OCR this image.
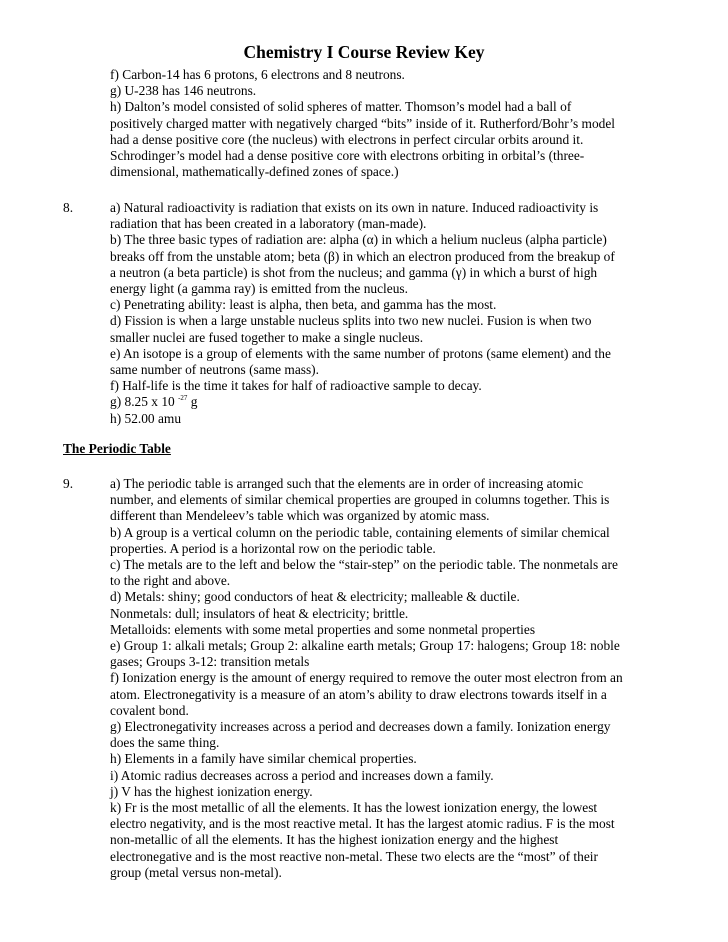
Chemistry I Course Review Key
f) Carbon-14 has 6 protons, 6 electrons and 8 neutrons.
g) U-238 has 146 neutrons.
h) Dalton’s model consisted of solid spheres of matter. Thomson’s model had a ball of
positively charged matter with negatively charged “bits” inside of it. Rutherford/Bohr’s model
had a dense positive core (the nucleus) with electrons in perfect circular orbits around it.
Schrodinger’s model had a dense positive core with electrons orbiting in orbital’s (three-
dimensional, mathematically-defined zones of space.)
8.	a) Natural radioactivity is radiation that exists on its own in nature. Induced radioactivity is
radiation that has been created in a laboratory (man-made).
b) The three basic types of radiation are: alpha (α) in which a helium nucleus (alpha particle)
breaks off from the unstable atom; beta (β) in which an electron produced from the breakup of
a neutron (a beta particle) is shot from the nucleus; and gamma (γ) in which a burst of high
energy light (a gamma ray) is emitted from the nucleus.
c) Penetrating ability: least is alpha, then beta, and gamma has the most.
d) Fission is when a large unstable nucleus splits into two new nuclei. Fusion is when two
smaller nuclei are fused together to make a single nucleus.
e) An isotope is a group of elements with the same number of protons (same element) and the
same number of neutrons (same mass).
f) Half-life is the time it takes for half of radioactive sample to decay.
g) 8.25 x 10 $^{-27}$ g
h) 52.00 amu
The Periodic Table
9.	a) The periodic table is arranged such that the elements are in order of increasing atomic
number, and elements of similar chemical properties are grouped in columns together. This is
different than Mendeleev’s table which was organized by atomic mass.
b) A group is a vertical column on the periodic table, containing elements of similar chemical
properties. A period is a horizontal row on the periodic table.
c) The metals are to the left and below the “stair-step” on the periodic table. The nonmetals are
to the right and above.
d) Metals: shiny; good conductors of heat & electricity; malleable & ductile.
Nonmetals: dull; insulators of heat & electricity; brittle.
Metalloids: elements with some metal properties and some nonmetal properties
e) Group 1: alkali metals; Group 2: alkaline earth metals; Group 17: halogens; Group 18: noble
gases; Groups 3-12: transition metals
f) Ionization energy is the amount of energy required to remove the outer most electron from an
atom. Electronegativity is a measure of an atom’s ability to draw electrons towards itself in a
covalent bond.
g) Electronegativity increases across a period and decreases down a family. Ionization energy
does the same thing.
h) Elements in a family have similar chemical properties.
i) Atomic radius decreases across a period and increases down a family.
j) V has the highest ionization energy.
k) Fr is the most metallic of all the elements. It has the lowest ionization energy, the lowest
electro negativity, and is the most reactive metal. It has the largest atomic radius. F is the most
non-metallic of all the elements. It has the highest ionization energy and the highest
electronegative and is the most reactive non-metal. These two elects are the “most” of their
group (metal versus non-metal).
